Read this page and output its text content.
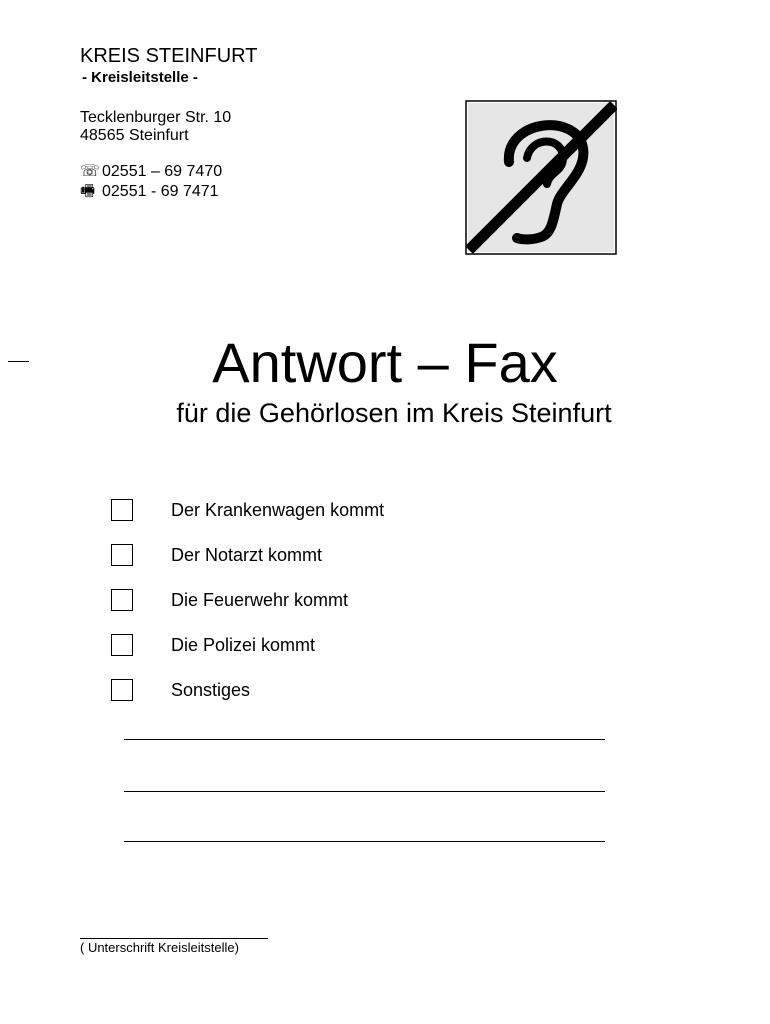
KREIS STEINFURT
- Kreisleitstelle -
Tecklenburger Str. 10
48565 Steinfurt
☏ 02551 – 69 7470
🖷 02551 - 69 7471
Antwort – Fax
für die Gehörlosen im Kreis Steinfurt
Der Krankenwagen kommt
Der Notarzt kommt
Die Feuerwehr kommt
Die Polizei kommt
Sonstiges
( Unterschrift Kreisleitstelle)
